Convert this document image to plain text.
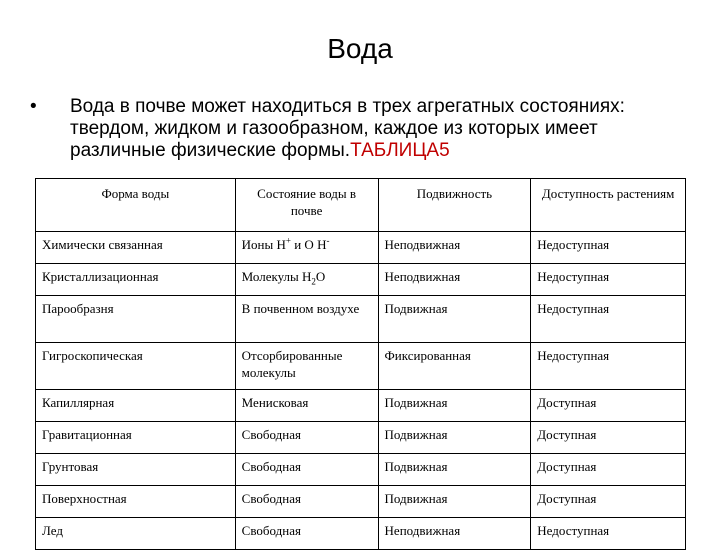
Вода
• Вода в почве может находиться в трех агрегатных состояниях: твердом, жидком и газообразном, каждое из которых имеет различные физические формы.ТАБЛИЦА5
Форма воды	Состояние воды в почве	Подвижность	Доступность растениям
Химически связанная	Ионы Н+ и О Н-	Неподвижная	Недоступная
Кристаллизационная	Молекулы $Н_2О$	Неподвижная	Недоступная
Парообразня	В почвенном воздухе	Подвижная	Недоступная
Гигроскопическая	Отсорбированные молекулы	Фиксированная	Недоступная
Капиллярная	Менисковая	Подвижная	Доступная
Гравитационная	Свободная	Подвижная	Доступная
Грунтовая	Свободная	Подвижная	Доступная
Поверхностная	Свободная	Подвижная	Доступная
Лед	Свободная	Неподвижная	Недоступная
